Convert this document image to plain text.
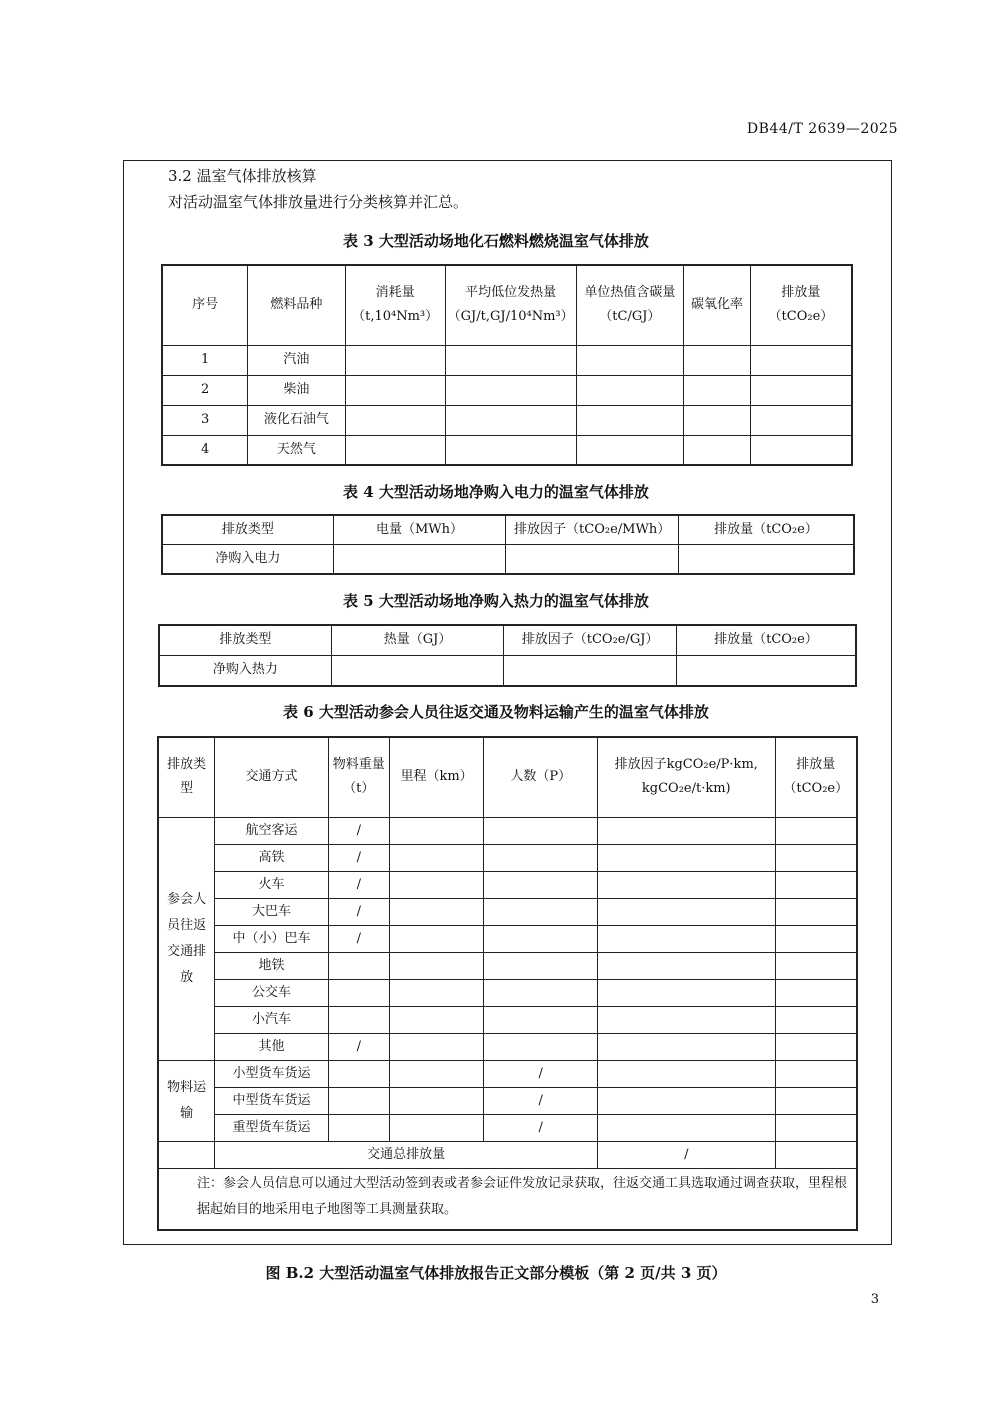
DB44/T 2639—2025
3.2 温室气体排放核算
对活动温室气体排放量进行分类核算并汇总。
表 3 大型活动场地化石燃料燃烧温室气体排放
序号	燃料品种	消耗量（t,10⁴Nm³）	平均低位发热量（GJ/t,GJ/10⁴Nm³）	单位热值含碳量（tC/GJ）	碳氧化率	排放量（tCO₂e）
1	汽油					
2	柴油					
3	液化石油气					
4	天然气					
表 4 大型活动场地净购入电力的温室气体排放
排放类型	电量（MWh）	排放因子（tCO₂e/MWh）	排放量（tCO₂e）
净购入电力			
表 5 大型活动场地净购入热力的温室气体排放
排放类型	热量（GJ）	排放因子（tCO₂e/GJ）	排放量（tCO₂e）
净购入热力			
表 6 大型活动参会人员往返交通及物料运输产生的温室气体排放
排放类型	交通方式	物料重量（t）	里程（km）	人数（P）	排放因子kgCO₂e/P·km, kgCO₂e/t·km)	排放量（tCO₂e）
参会人员往返交通排放	航空客运	/				
	高铁	/				
	火车	/				
	大巴车	/				
	中（小）巴车	/				
	地铁					
	公交车					
	小汽车					
	其他	/				
物料运输	小型货车货运			/		
	中型货车货运			/		
	重型货车货运			/		
	交通总排放量				/	
注：参会人员信息可以通过大型活动签到表或者参会证件发放记录获取，往返交通工具选取通过调查获取，里程根据起始目的地采用电子地图等工具测量获取。						
图 B.2 大型活动温室气体排放报告正文部分模板（第 2 页/共 3 页）
3
